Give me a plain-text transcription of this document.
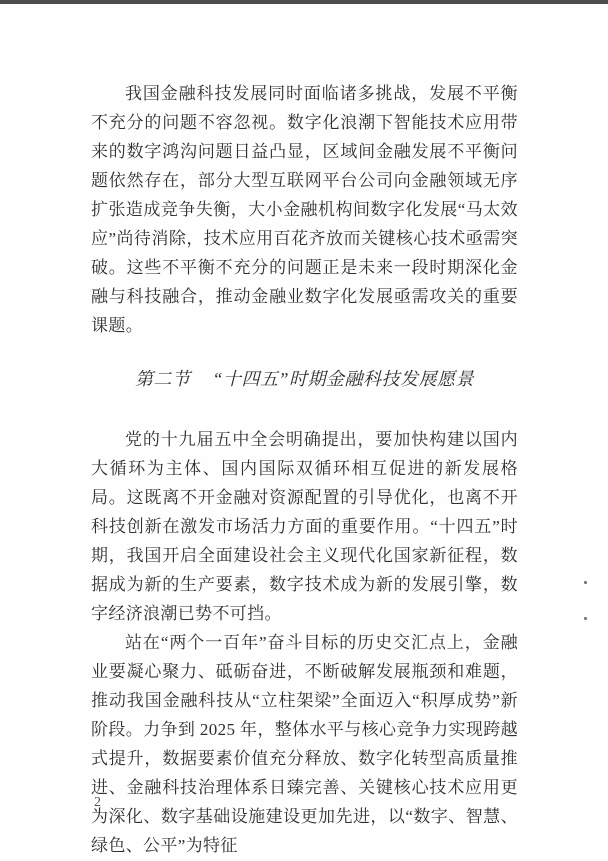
我国金融科技发展同时面临诸多挑战，发展不平衡不充分的问题不容忽视。数字化浪潮下智能技术应用带来的数字鸿沟问题日益凸显，区域间金融发展不平衡问题依然存在，部分大型互联网平台公司向金融领域无序扩张造成竞争失衡，大小金融机构间数字化发展“马太效应”尚待消除，技术应用百花齐放而关键核心技术亟需突破。这些不平衡不充分的问题正是未来一段时期深化金融与科技融合，推动金融业数字化发展亟需攻关的重要课题。

第二节 “十四五”时期金融科技发展愿景

党的十九届五中全会明确提出，要加快构建以国内大循环为主体、国内国际双循环相互促进的新发展格局。这既离不开金融对资源配置的引导优化，也离不开科技创新在激发市场活力方面的重要作用。“十四五”时期，我国开启全面建设社会主义现代化国家新征程，数据成为新的生产要素，数字技术成为新的发展引擎，数字经济浪潮已势不可挡。

站在“两个一百年”奋斗目标的历史交汇点上，金融业要凝心聚力、砥砺奋进，不断破解发展瓶颈和难题，推动我国金融科技从“立柱架梁”全面迈入“积厚成势”新阶段。力争到 2025 年，整体水平与核心竞争力实现跨越式提升，数据要素价值充分释放、数字化转型高质量推进、金融科技治理体系日臻完善、关键核心技术应用更为深化、数字基础设施建设更加先进，以“数字、智慧、绿色、公平”为特征

2
